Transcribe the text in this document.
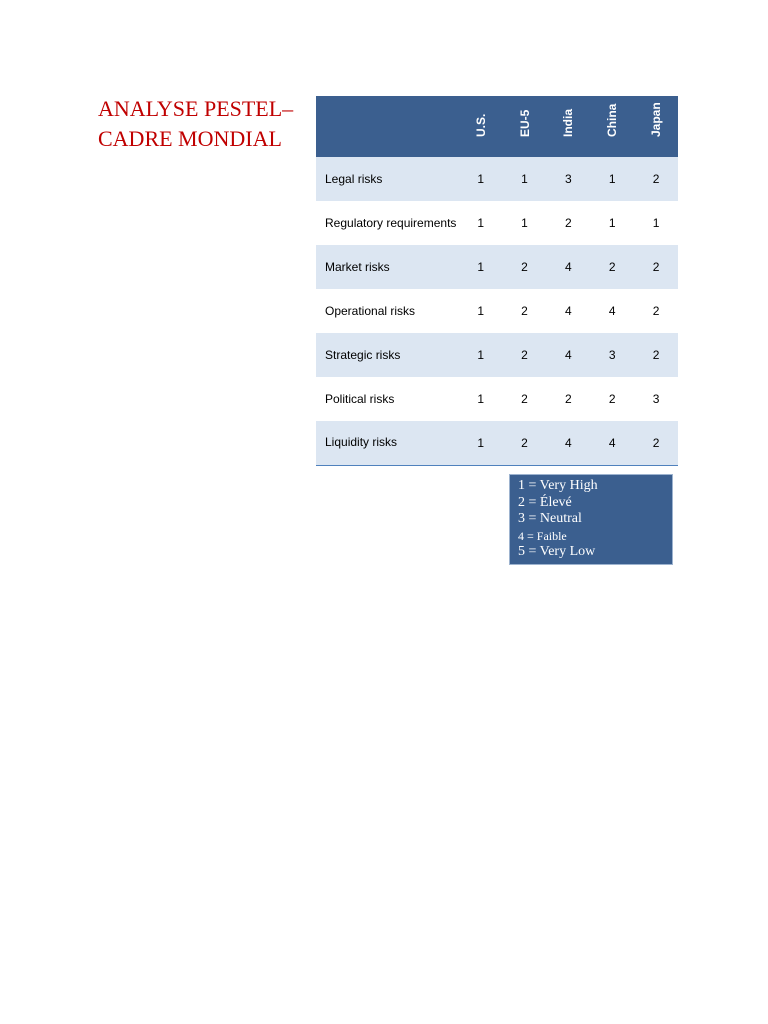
ANALYSE PESTEL–
CADRE MONDIAL

	U.S.	EU-5	India	China	Japan

Legal risks	1	1	3	1	2
Regulatory requirements	1	1	2	1	1
Market risks	1	2	4	2	2
Operational risks	1	2	4	4	2
Strategic risks	1	2	4	3	2
Political risks	1	2	2	2	3
Liquidity risks	1	2	4	4	2
1 = Very High
2 = Élevé
3 = Neutral
4 = Faible
5 = Very Low
